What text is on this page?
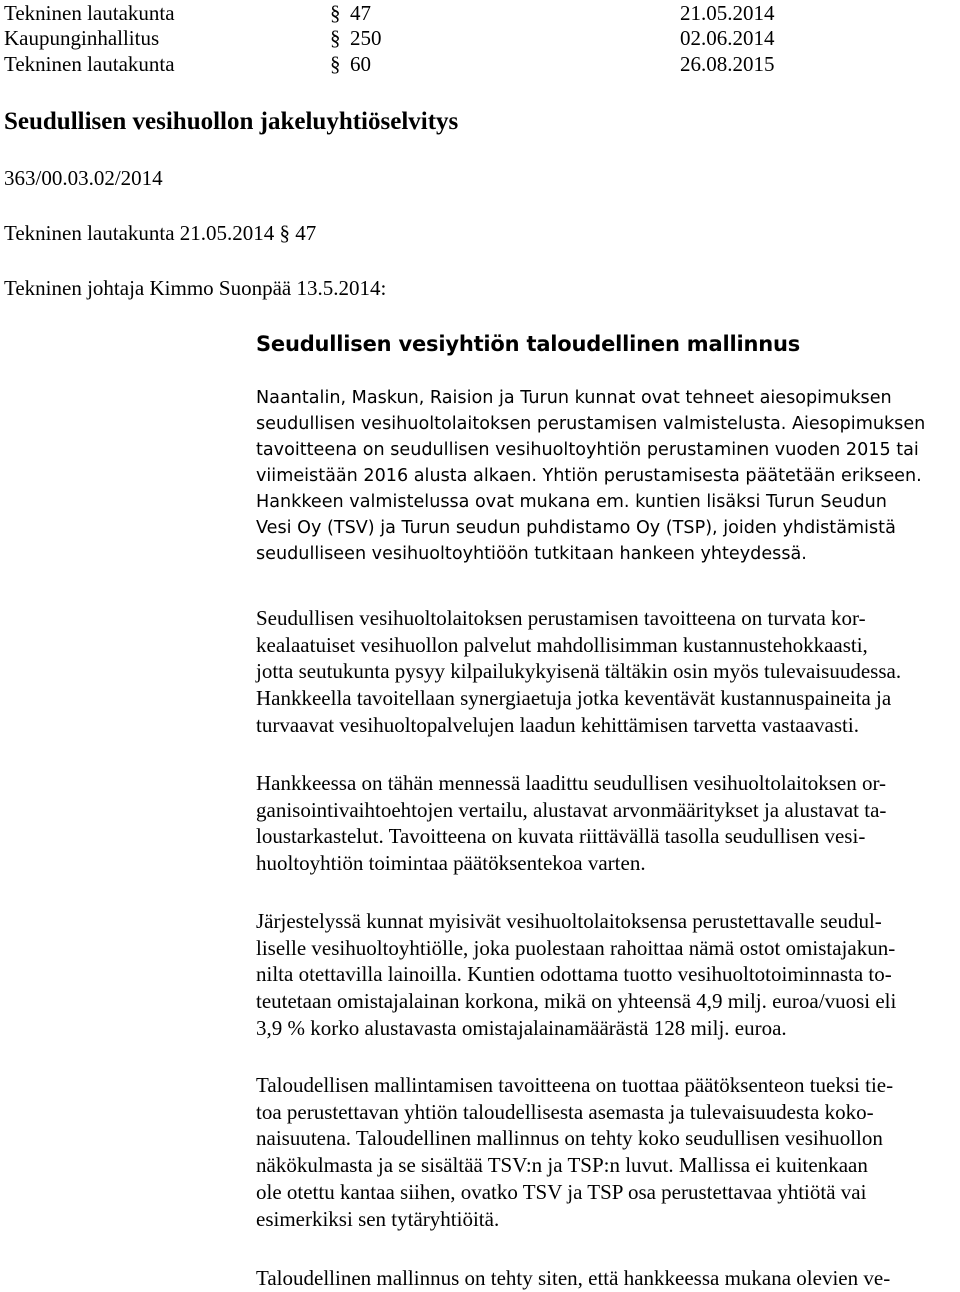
Tekninen lautakunta	§ 47	21.05.2014
Kaupunginhallitus	§ 250	02.06.2014
Tekninen lautakunta	§ 60	26.08.2015
Seudullisen vesihuollon jakeluyhtiöselvitys
363/00.03.02/2014
Tekninen lautakunta 21.05.2014 § 47
Tekninen johtaja Kimmo Suonpää 13.5.2014:
Seudullisen vesiyhtiön taloudellinen mallinnus
Naantalin, Maskun, Raision ja Turun kunnat ovat tehneet aiesopimuksen
seudullisen vesihuoltolaitoksen perustamisen valmistelusta. Aiesopimuksen
tavoitteena on seudullisen vesihuoltoyhtiön perustaminen vuoden 2015 tai
viimeistään 2016 alusta alkaen. Yhtiön perustamisesta päätetään erikseen.
Hankkeen valmistelussa ovat mukana em. kuntien lisäksi Turun Seudun
Vesi Oy (TSV) ja Turun seudun puhdistamo Oy (TSP), joiden yhdistämistä
seudulliseen vesihuoltoyhtiöön tutkitaan hankeen yhteydessä.
Seudullisen vesihuoltolaitoksen perustamisen tavoitteena on turvata kor-
kealaatuiset vesihuollon palvelut mahdollisimman kustannustehokkaasti,
jotta seutukunta pysyy kilpailukykyisenä tältäkin osin myös tulevaisuudessa.
Hankkeella tavoitellaan synergiaetuja jotka keventävät kustannuspaineita ja
turvaavat vesihuoltopalvelujen laadun kehittämisen tarvetta vastaavasti.
Hankkeessa on tähän mennessä laadittu seudullisen vesihuoltolaitoksen or-
ganisointivaihtoehtojen vertailu, alustavat arvonmääritykset ja alustavat ta-
loustarkastelut. Tavoitteena on kuvata riittävällä tasolla seudullisen vesi-
huoltoyhtiön toimintaa päätöksentekoa varten.
Järjestelyssä kunnat myisivät vesihuoltolaitoksensa perustettavalle seudul-
liselle vesihuoltoyhtiölle, joka puolestaan rahoittaa nämä ostot omistajakun-
nilta otettavilla lainoilla. Kuntien odottama tuotto vesihuoltotoiminnasta to-
teutetaan omistajalainan korkona, mikä on yhteensä 4,9 milj. euroa/vuosi eli
3,9 % korko alustavasta omistajalainamäärästä 128 milj. euroa.
Taloudellisen mallintamisen tavoitteena on tuottaa päätöksenteon tueksi tie-
toa perustettavan yhtiön taloudellisesta asemasta ja tulevaisuudesta koko-
naisuutena. Taloudellinen mallinnus on tehty koko seudullisen vesihuollon
näkökulmasta ja se sisältää TSV:n ja TSP:n luvut. Mallissa ei kuitenkaan
ole otettu kantaa siihen, ovatko TSV ja TSP osa perustettavaa yhtiötä vai
esimerkiksi sen tytäryhtiöitä.
Taloudellinen mallinnus on tehty siten, että hankkeessa mukana olevien ve-
